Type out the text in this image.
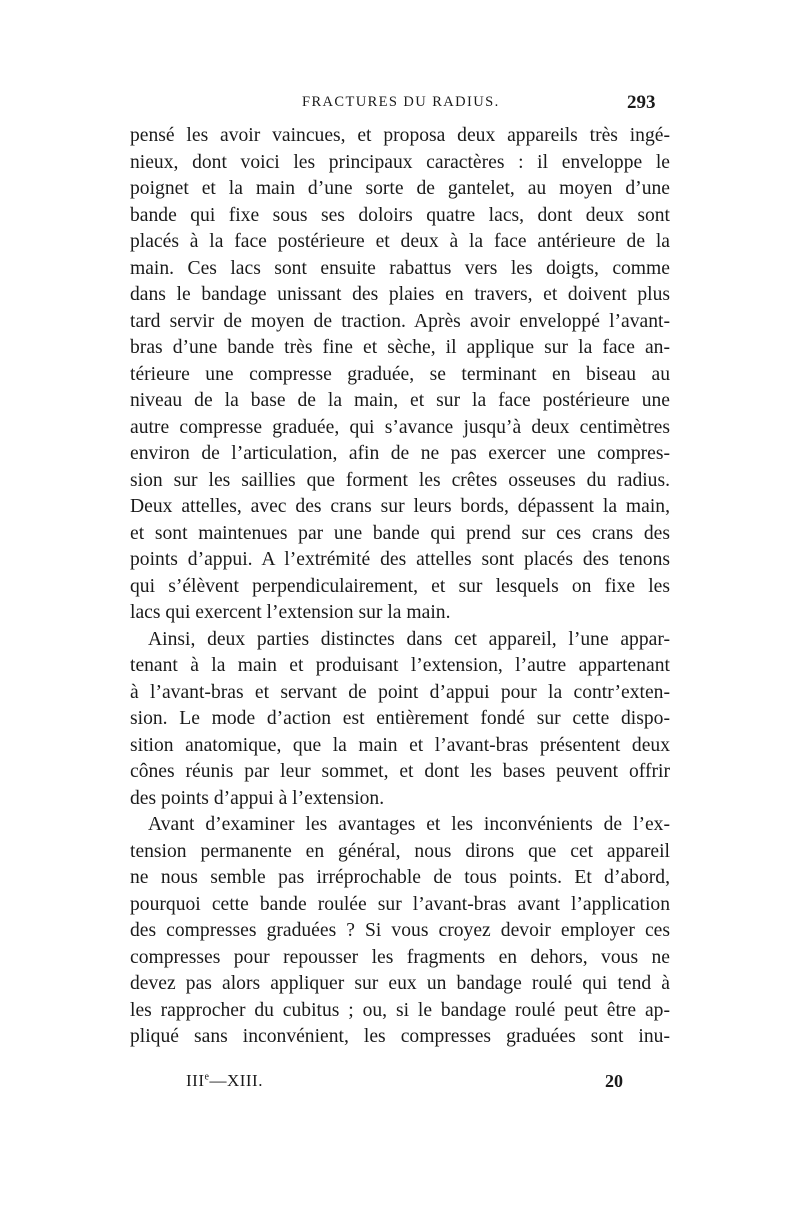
FRACTURES DU RADIUS.	293
pensé les avoir vaincues, et proposa deux appareils très ingé-
nieux, dont voici les principaux caractères : il enveloppe le
poignet et la main d’une sorte de gantelet, au moyen d’une
bande qui fixe sous ses doloirs quatre lacs, dont deux sont
placés à la face postérieure et deux à la face antérieure de la
main. Ces lacs sont ensuite rabattus vers les doigts, comme
dans le bandage unissant des plaies en travers, et doivent plus
tard servir de moyen de traction. Après avoir enveloppé l’avant-
bras d’une bande très fine et sèche, il applique sur la face an-
térieure une compresse graduée, se terminant en biseau au
niveau de la base de la main, et sur la face postérieure une
autre compresse graduée, qui s’avance jusqu’à deux centimètres
environ de l’articulation, afin de ne pas exercer une compres-
sion sur les saillies que forment les crêtes osseuses du radius.
Deux attelles, avec des crans sur leurs bords, dépassent la main,
et sont maintenues par une bande qui prend sur ces crans des
points d’appui. A l’extrémité des attelles sont placés des tenons
qui s’élèvent perpendiculairement, et sur lesquels on fixe les
lacs qui exercent l’extension sur la main.
Ainsi, deux parties distinctes dans cet appareil, l’une appar-
tenant à la main et produisant l’extension, l’autre appartenant
à l’avant-bras et servant de point d’appui pour la contr’exten-
sion. Le mode d’action est entièrement fondé sur cette dispo-
sition anatomique, que la main et l’avant-bras présentent deux
cônes réunis par leur sommet, et dont les bases peuvent offrir
des points d’appui à l’extension.
Avant d’examiner les avantages et les inconvénients de l’ex-
tension permanente en général, nous dirons que cet appareil
ne nous semble pas irréprochable de tous points. Et d’abord,
pourquoi cette bande roulée sur l’avant-bras avant l’application
des compresses graduées ? Si vous croyez devoir employer ces
compresses pour repousser les fragments en dehors, vous ne
devez pas alors appliquer sur eux un bandage roulé qui tend à
les rapprocher du cubitus ; ou, si le bandage roulé peut être ap-
pliqué sans inconvénient, les compresses graduées sont inu-
IIIe—XIII.	20
